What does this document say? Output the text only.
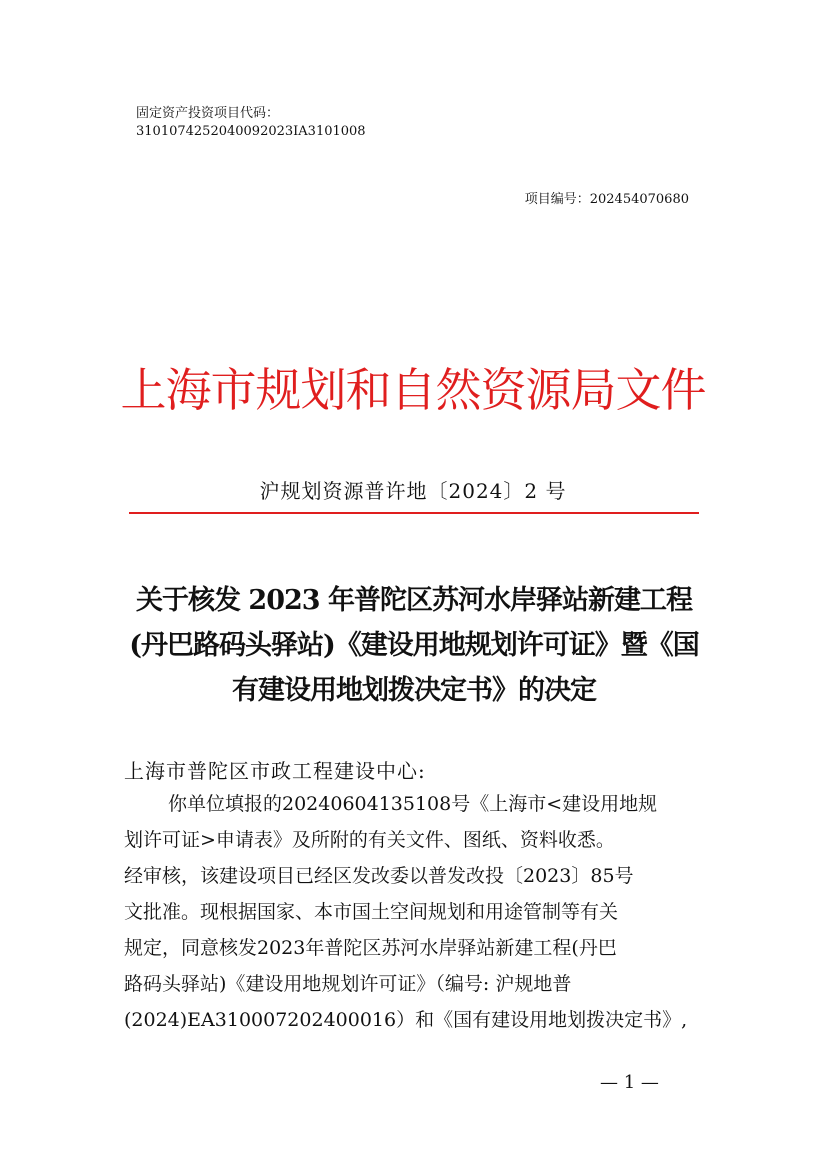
固定资产投资项目代码：
3101074252040092023IA3101008
项目编号：202454070680
上海市规划和自然资源局文件
沪规划资源普许地〔2024〕2 号
关于核发 2023 年普陀区苏河水岸驿站新建工程
(丹巴路码头驿站)《建设用地规划许可证》暨《国
有建设用地划拨决定书》的决定
上海市普陀区市政工程建设中心:
你单位填报的20240604135108号《上海市<建设用地规
划许可证>申请表》及所附的有关文件、图纸、资料收悉。
经审核，该建设项目已经区发改委以普发改投〔2023〕85号
文批准。现根据国家、本市国土空间规划和用途管制等有关
规定，同意核发2023年普陀区苏河水岸驿站新建工程(丹巴
路码头驿站)《建设用地规划许可证》（编号: 沪规地普
(2024)EA310007202400016）和《国有建设用地划拨决定书》,
— 1 —
